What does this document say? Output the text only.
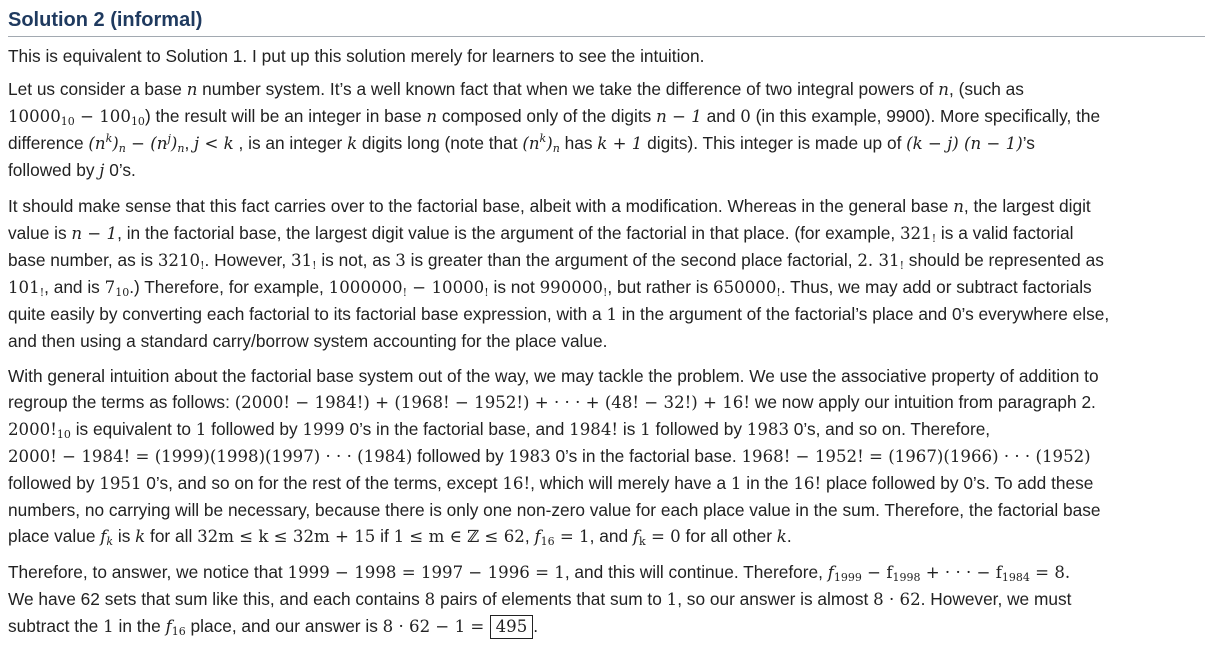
Solution 2 (informal)

This is equivalent to Solution 1. I put up this solution merely for learners to see the intuition.

Let us consider a base n number system. It’s a well known fact that when we take the difference of two integral powers of n, (such as
$10000_{10} - 100_{10}$) the result will be an integer in base n composed only of the digits n − 1 and 0 (in this example, 9900). More specifically, the
difference $(n^k)_n - (n^j)_n$, j < k , is an integer k digits long (note that $(n^k)_n$ has k + 1 digits). This integer is made up of (k − j) (n − 1)’s
followed by j 0’s.

It should make sense that this fact carries over to the factorial base, albeit with a modification. Whereas in the general base n, the largest digit
value is n − 1, in the factorial base, the largest digit value is the argument of the factorial in that place. (for example, $321_!$ is a valid factorial
base number, as is $3210_!$. However, $31_!$ is not, as 3 is greater than the argument of the second place factorial, 2. $31_!$ should be represented as
$101_!$, and is $7_{10}$.) Therefore, for example, $1000000_! - 10000_!$ is not $990000_!$, but rather is $650000_!$. Thus, we may add or subtract factorials
quite easily by converting each factorial to its factorial base expression, with a 1 in the argument of the factorial’s place and 0’s everywhere else,
and then using a standard carry/borrow system accounting for the place value.

With general intuition about the factorial base system out of the way, we may tackle the problem. We use the associative property of addition to
regroup the terms as follows: (2000! − 1984!) + (1968! − 1952!) + · · · + (48! − 32!) + 16! we now apply our intuition from paragraph 2.
$2000!_{10}$ is equivalent to 1 followed by 1999 0’s in the factorial base, and 1984! is 1 followed by 1983 0’s, and so on. Therefore,
2000! − 1984! = (1999)(1998)(1997) · · · (1984) followed by 1983 0’s in the factorial base. 1968! − 1952! = (1967)(1966) · · · (1952)
followed by 1951 0’s, and so on for the rest of the terms, except 16!, which will merely have a 1 in the 16! place followed by 0’s. To add these
numbers, no carrying will be necessary, because there is only one non-zero value for each place value in the sum. Therefore, the factorial base
place value $f_k$ is k for all 32m ≤ k ≤ 32m + 15 if 1 ≤ m ∈ ℤ ≤ 62, $f_{16} = 1$, and $f_k = 0$ for all other k.

Therefore, to answer, we notice that 1999 − 1998 = 1997 − 1996 = 1, and this will continue. Therefore, $f_{1999} - f_{1998}$ + · · · − $f_{1984} = 8$.
We have 62 sets that sum like this, and each contains 8 pairs of elements that sum to 1, so our answer is almost 8 · 62. However, we must
subtract the 1 in the $f_{16}$ place, and our answer is 8 · 62 − 1 = 495 .
